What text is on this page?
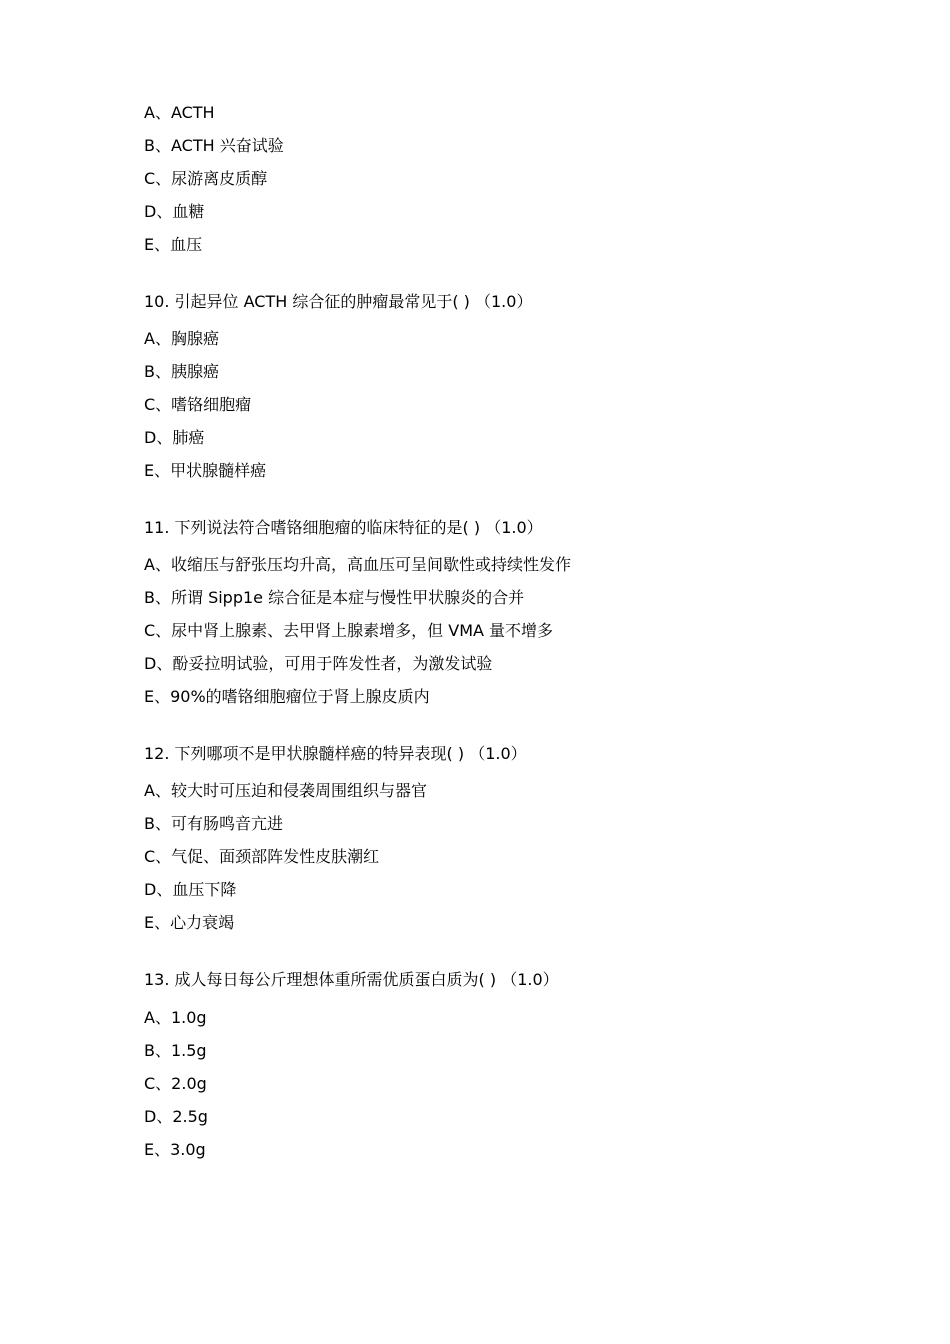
A、ACTH
B、ACTH 兴奋试验
C、尿游离皮质醇
D、血糖
E、血压
10. 引起异位 ACTH 综合征的肿瘤最常见于( ) （1.0）
A、胸腺癌
B、胰腺癌
C、嗜铬细胞瘤
D、肺癌
E、甲状腺髓样癌
11. 下列说法符合嗜铬细胞瘤的临床特征的是( ) （1.0）
A、收缩压与舒张压均升高，高血压可呈间歇性或持续性发作
B、所谓 Sipp1e 综合征是本症与慢性甲状腺炎的合并
C、尿中肾上腺素、去甲肾上腺素增多，但 VMA 量不增多
D、酚妥拉明试验，可用于阵发性者，为激发试验
E、90%的嗜铬细胞瘤位于肾上腺皮质内
12. 下列哪项不是甲状腺髓样癌的特异表现( ) （1.0）
A、较大时可压迫和侵袭周围组织与器官
B、可有肠鸣音亢进
C、气促、面颈部阵发性皮肤潮红
D、血压下降
E、心力衰竭
13. 成人每日每公斤理想体重所需优质蛋白质为( ) （1.0）
A、1.0g
B、1.5g
C、2.0g
D、2.5g
E、3.0g
